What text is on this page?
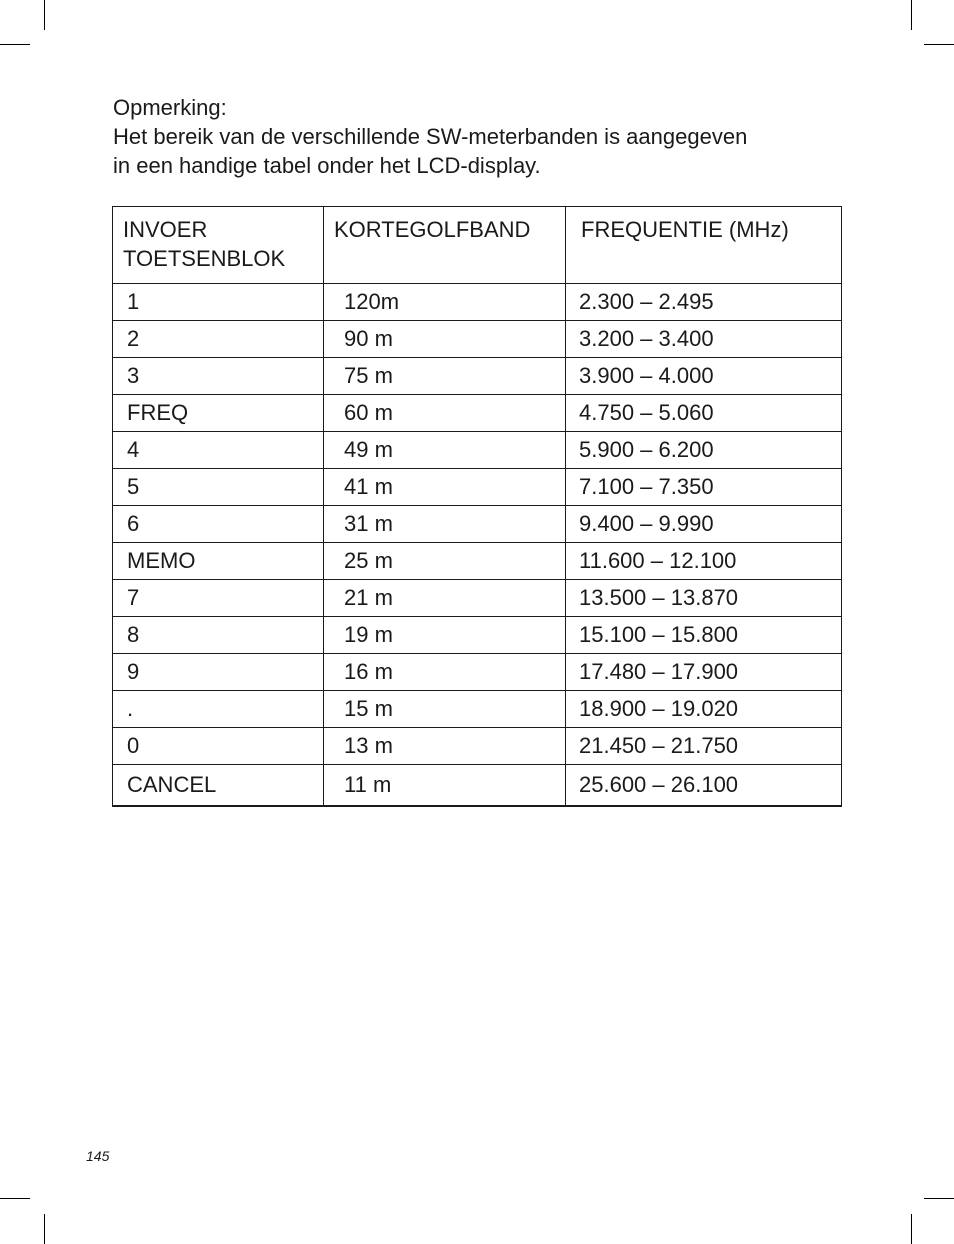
Opmerking:

Het bereik van de verschillende SW-meterbanden is aangegeven

in een handige tabel onder het LCD-display.

INVOER
TOETSENBLOK	KORTEGOLFBAND	FREQUENTIE (MHz)
1	120m	2.300 – 2.495
2	90 m	3.200 – 3.400
3	75 m	3.900 – 4.000
FREQ	60 m	4.750 – 5.060
4	49 m	5.900 – 6.200
5	41 m	7.100 – 7.350
6	31 m	9.400 – 9.990
MEMO	25 m	11.600 – 12.100
7	21 m	13.500 – 13.870
8	19 m	15.100 – 15.800
9	16 m	17.480 – 17.900
.	15 m	18.900 – 19.020
0	13 m	21.450 – 21.750
CANCEL	11 m	25.600 – 26.100
145
